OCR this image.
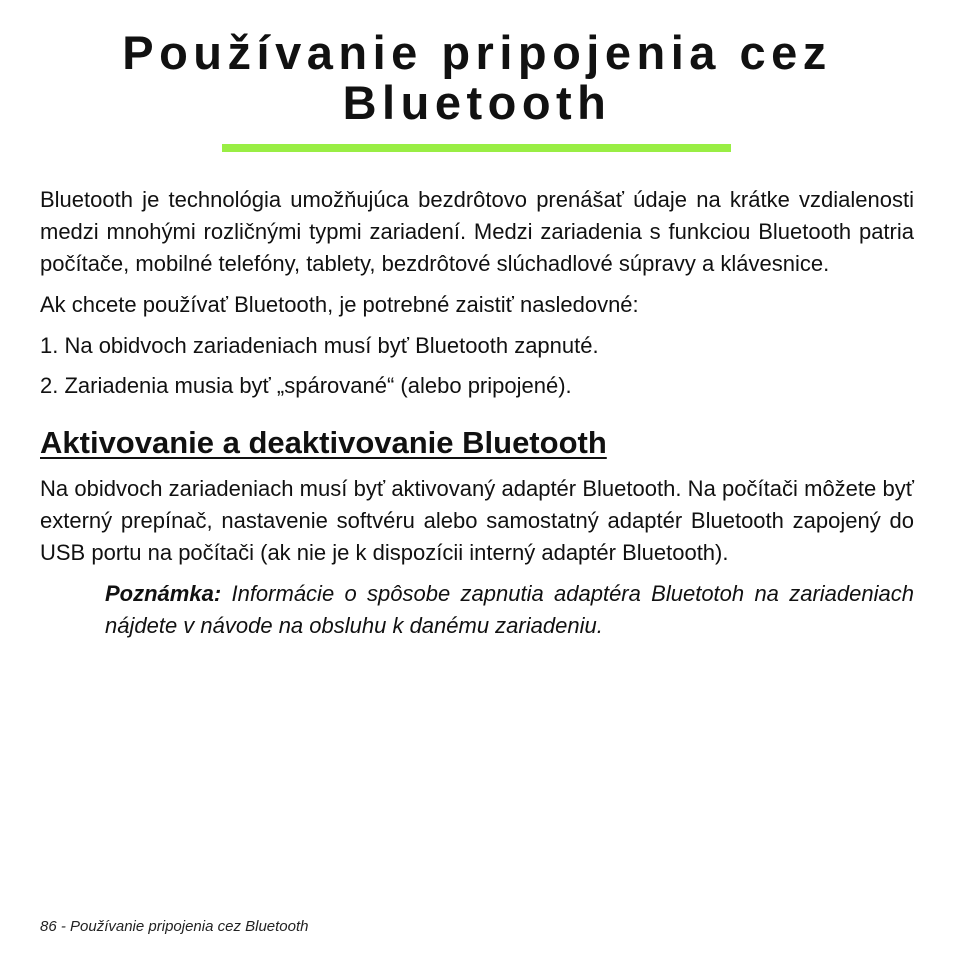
Používanie pripojenia cez Bluetooth

Bluetooth je technológia umožňujúca bezdrôtovo prenášať údaje na krátke vzdialenosti medzi mnohými rozličnými typmi zariadení. Medzi zariadenia s funkciou Bluetooth patria počítače, mobilné telefóny, tablety, bezdrôtové slúchadlové súpravy a klávesnice.

Ak chcete používať Bluetooth, je potrebné zaistiť nasledovné:

1. Na obidvoch zariadeniach musí byť Bluetooth zapnuté.

2. Zariadenia musia byť „spárované“ (alebo pripojené).

Aktivovanie a deaktivovanie Bluetooth

Na obidvoch zariadeniach musí byť aktivovaný adaptér Bluetooth. Na počítači môžete byť externý prepínač, nastavenie softvéru alebo samostatný adaptér Bluetooth zapojený do USB portu na počítači (ak nie je k dispozícii interný adaptér Bluetooth).

Poznámka: Informácie o spôsobe zapnutia adaptéra Bluetotoh na zariadeniach nájdete v návode na obsluhu k danému zariadeniu.

86 - Používanie pripojenia cez Bluetooth
